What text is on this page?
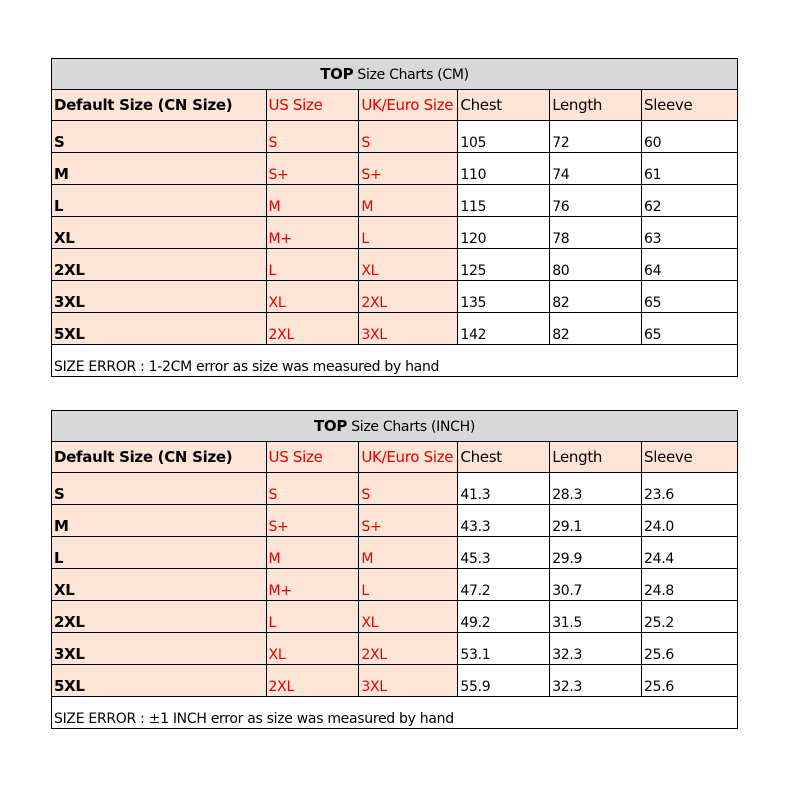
TOP Size Charts (CM)					
Default Size (CN Size)	US Size	UK/Euro Size	Chest	Length	Sleeve
S	S	S	105	72	60
M	S+	S+	110	74	61
L	M	M	115	76	62
XL	M+	L	120	78	63
2XL	L	XL	125	80	64
3XL	XL	2XL	135	82	65
5XL	2XL	3XL	142	82	65
SIZE ERROR : 1-2CM error as size was measured by hand					
TOP Size Charts (INCH)					
Default Size (CN Size)	US Size	UK/Euro Size	Chest	Length	Sleeve
S	S	S	41.3	28.3	23.6
M	S+	S+	43.3	29.1	24.0
L	M	M	45.3	29.9	24.4
XL	M+	L	47.2	30.7	24.8
2XL	L	XL	49.2	31.5	25.2
3XL	XL	2XL	53.1	32.3	25.6
5XL	2XL	3XL	55.9	32.3	25.6
SIZE ERROR : ±1 INCH error as size was measured by hand					
